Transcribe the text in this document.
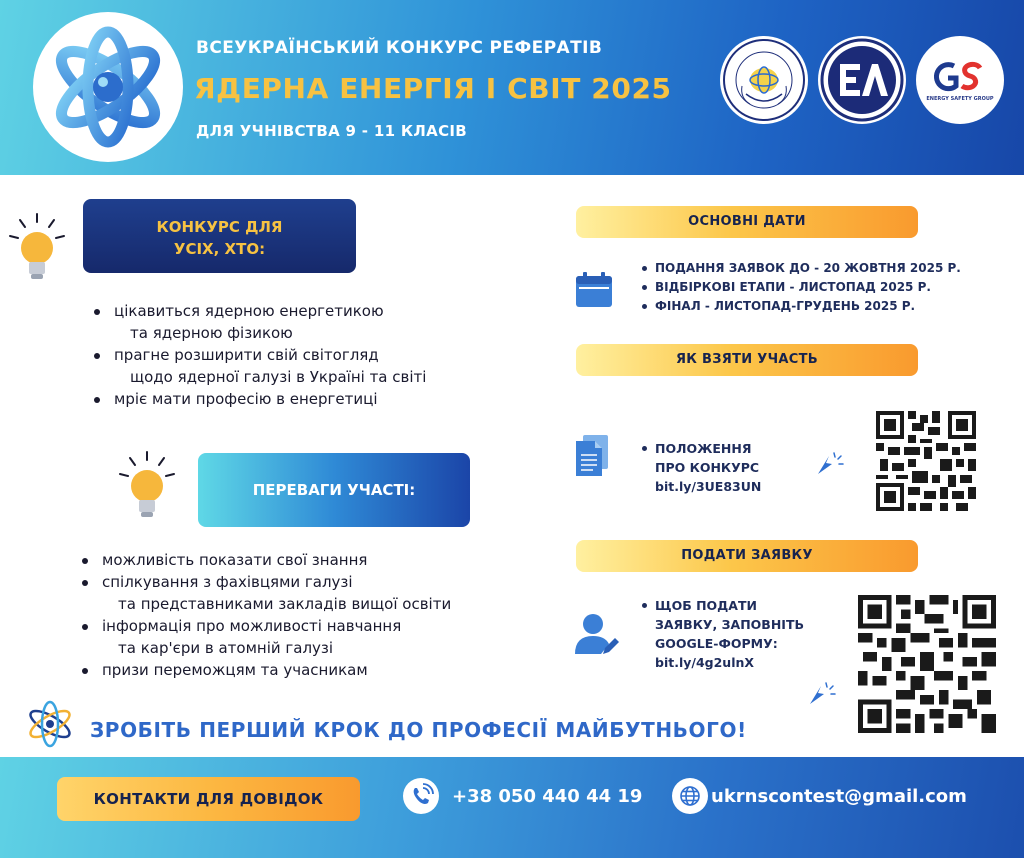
ВСЕУКРАЇНСЬКИЙ КОНКУРС РЕФЕРАТІВ
ЯДЕРНА ЕНЕРГІЯ І СВІТ 2025
ДЛЯ УЧНІВСТВА 9 - 11 КЛАСІВ
ENERGY SAFETY GROUP
КОНКУРС ДЛЯ
УСІХ, ХТО:
цікавиться ядерною енергетикою
та ядерною фізикою
прагне розширити свій світогляд
щодо ядерної галузі в Україні та світі
мріє мати професію в енергетиці
ПЕРЕВАГИ УЧАСТІ:
можливість показати свої знання
спілкування з фахівцями галузі
та представниками закладів вищої освіти
інформація про можливості навчання
та кар'єри в атомній галузі
призи переможцям та учасникам
ЗРОБІТЬ ПЕРШИЙ КРОК ДО ПРОФЕСІЇ МАЙБУТНЬОГО!
ОСНОВНІ ДАТИ
ПОДАННЯ ЗАЯВОК ДО - 20 ЖОВТНЯ 2025 Р.
ВІДБІРКОВІ ЕТАПИ - ЛИСТОПАД 2025 Р.
ФІНАЛ - ЛИСТОПАД-ГРУДЕНЬ 2025 Р.
ЯК ВЗЯТИ УЧАСТЬ
ПОЛОЖЕННЯ
ПРО КОНКУРС
bit.ly/3UE83UN
ПОДАТИ ЗАЯВКУ
ЩОБ ПОДАТИ
ЗАЯВКУ, ЗАПОВНІТЬ
GOOGLE-ФОРМУ:
bit.ly/4g2ulnX
КОНТАКТИ ДЛЯ ДОВІДОК	+38 050 440 44 19	ukrnscontest@gmail.com
